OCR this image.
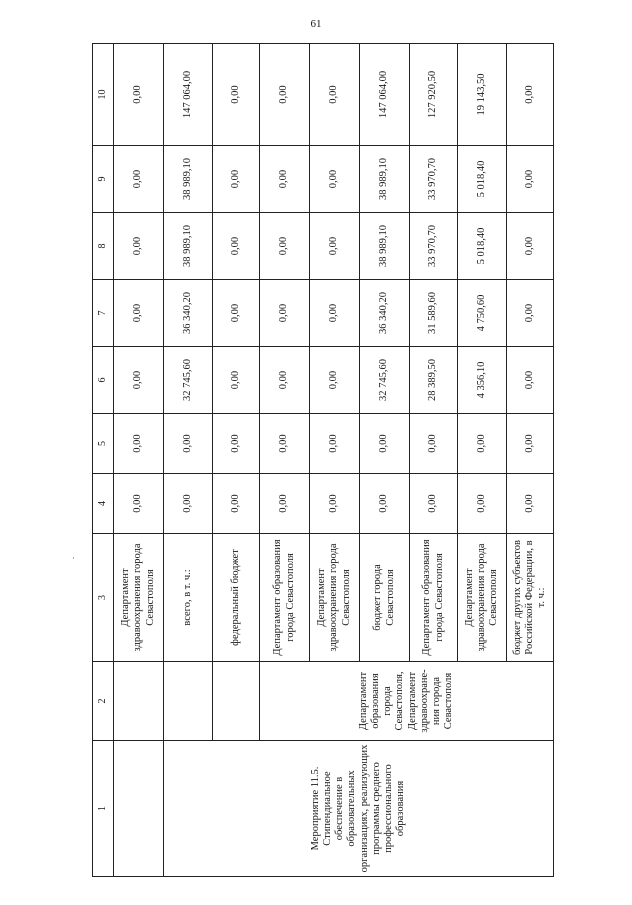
61
·
1	2	3	4	5	6	7	8	9	10
		Департамент здравоохранения города Севастополя	0,00	0,00	0,00	0,00	0,00	0,00	0,00
Мероприятие 11.5. Стипендиальное обеспечение в образовательных организациях, реализующих программы среднего профессионального образования		всего, в т. ч.:	0,00	0,00	32 745,60	36 340,20	38 989,10	38 989,10	147 064,00
		федеральный бюджет	0,00	0,00	0,00	0,00	0,00	0,00	0,00
	Департамент образования города Севастополя, Департамент здравоохране-ния города Севастополя	Департамент образования города Севастополя	0,00	0,00	0,00	0,00	0,00	0,00	0,00
		Департамент здравоохранения города Севастополя	0,00	0,00	0,00	0,00	0,00	0,00	0,00
		бюджет города Севастополя	0,00	0,00	32 745,60	36 340,20	38 989,10	38 989,10	147 064,00
		Департамент образования города Севастополя	0,00	0,00	28 389,50	31 589,60	33 970,70	33 970,70	127 920,50
		Департамент здравоохранения города Севастополя	0,00	0,00	4 356,10	4 750,60	5 018,40	5 018,40	19 143,50
		бюджет других субъектов Российской Федерации, в т. ч.:	0,00	0,00	0,00	0,00	0,00	0,00	0,00
